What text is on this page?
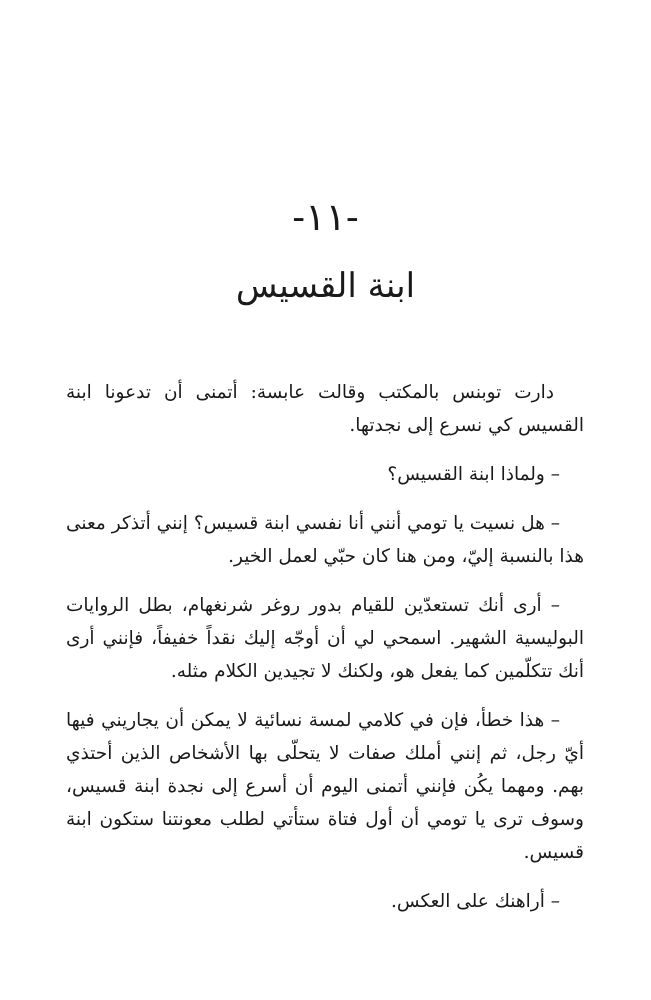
-١١-
ابنة القسيس

دارت توبنس بالمكتب وقالت عابسة: أتمنى أن تدعونا ابنة القسيس كي نسرع إلى نجدتها.

– ولماذا ابنة القسيس؟

– هل نسيت يا تومي أنني أنا نفسي ابنة قسيس؟ إنني أتذكر معنى هذا بالنسبة إليّ، ومن هنا كان حبّي لعمل الخير.

– أرى أنك تستعدّين للقيام بدور روغر شرنغهام، بطل الروايات البوليسية الشهير. اسمحي لي أن أوجّه إليك نقداً خفيفاً، فإنني أرى أنك تتكلّمين كما يفعل هو، ولكنك لا تجيدين الكلام مثله.

– هذا خطأ، فإن في كلامي لمسة نسائية لا يمكن أن يجاريني فيها أيّ رجل، ثم إنني أملك صفات لا يتحلّى بها الأشخاص الذين أحتذي بهم. ومهما يكُن فإنني أتمنى اليوم أن أسرع إلى نجدة ابنة قسيس، وسوف ترى يا تومي أن أول فتاة ستأتي لطلب معونتنا ستكون ابنة قسيس.

– أراهنك على العكس.
